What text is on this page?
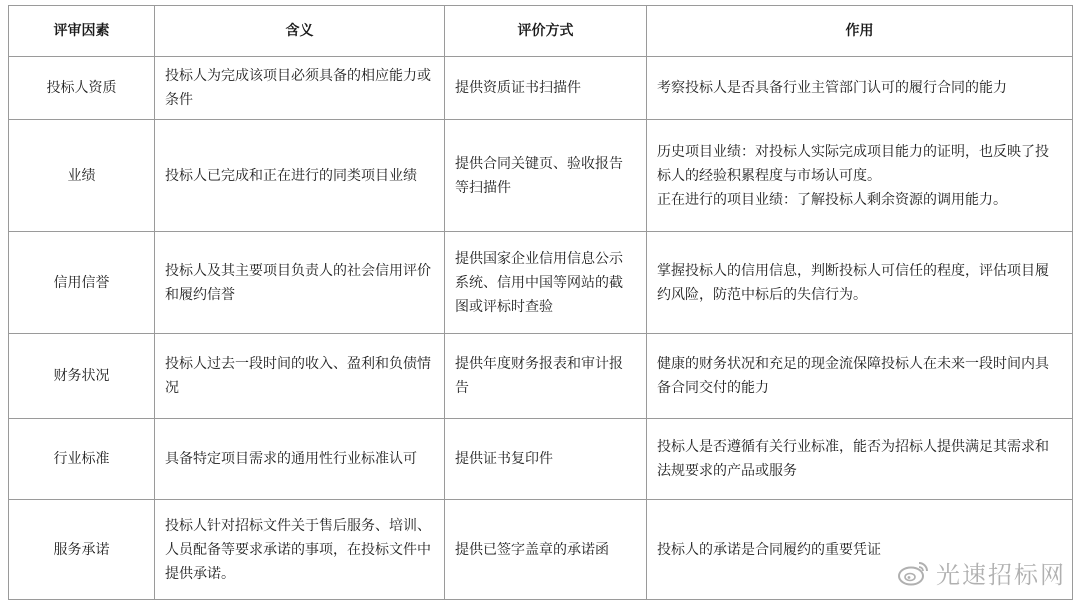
评审因素	含义	评价方式	作用
投标人资质	投标人为完成该项目必须具备的相应能力或条件	提供资质证书扫描件	考察投标人是否具备行业主管部门认可的履行合同的能力

业绩	投标人已完成和正在进行的同类项目业绩	提供合同关键页、验收报告等扫描件	历史项目业绩：对投标人实际完成项目能力的证明，也反映了投标人的经验积累程度与市场认可度。
正在进行的项目业绩：了解投标人剩余资源的调用能力。

信用信誉	投标人及其主要项目负责人的社会信用评价和履约信誉	提供国家企业信用信息公示系统、信用中国等网站的截图或评标时查验	掌握投标人的信用信息，判断投标人可信任的程度，评估项目履约风险，防范中标后的失信行为。

财务状况	投标人过去一段时间的收入、盈利和负债情况	提供年度财务报表和审计报告	健康的财务状况和充足的现金流保障投标人在未来一段时间内具备合同交付的能力

行业标准	具备特定项目需求的通用性行业标准认可	提供证书复印件	投标人是否遵循有关行业标准，能否为招标人提供满足其需求和法规要求的产品或服务

服务承诺	投标人针对招标文件关于售后服务、培训、人员配备等要求承诺的事项，在投标文件中提供承诺。	提供已签字盖章的承诺函	投标人的承诺是合同履约的重要凭证
光速招标网
